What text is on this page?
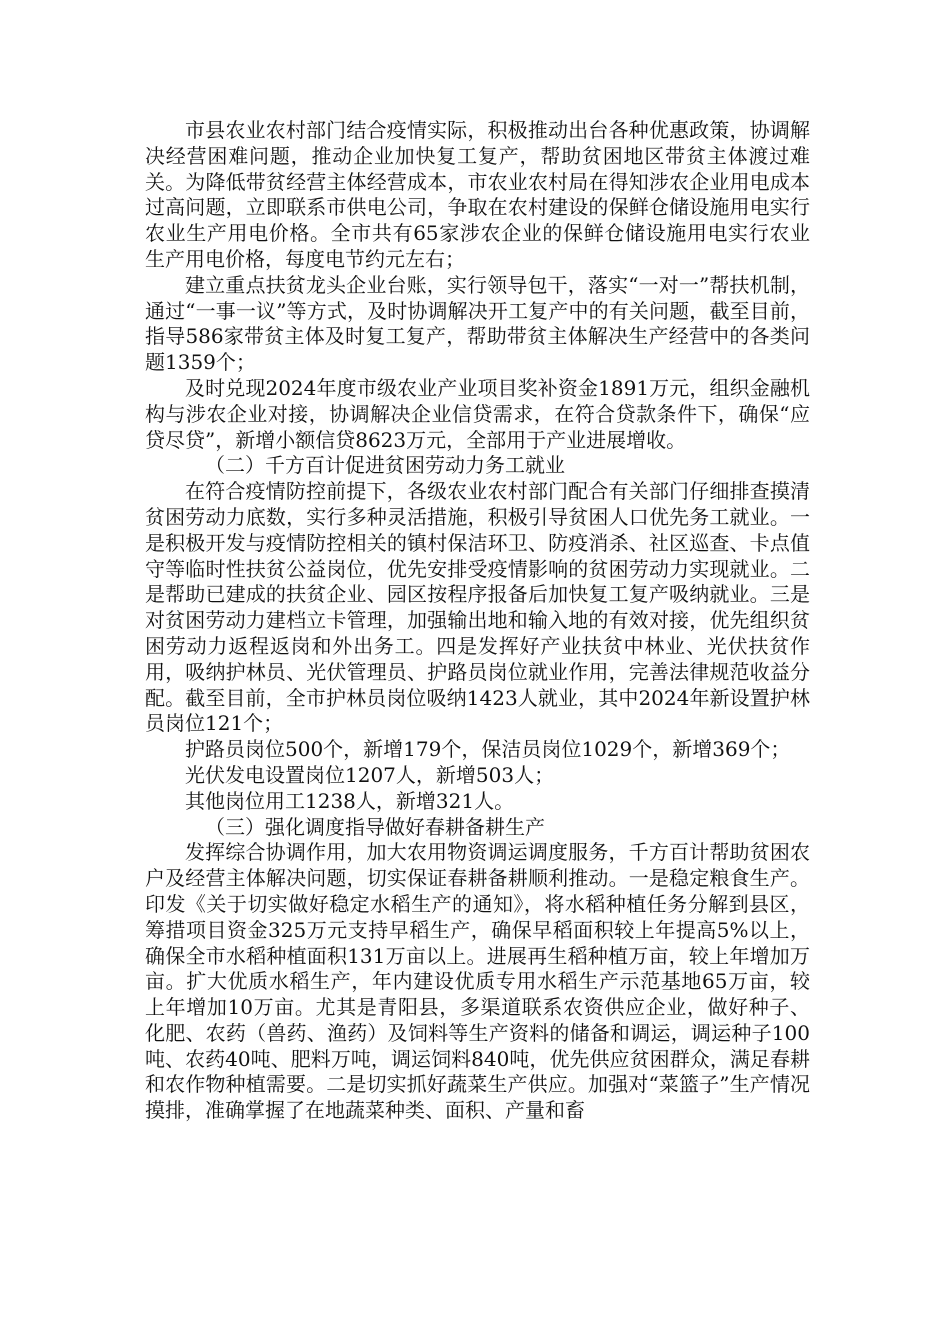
市县农业农村部门结合疫情实际，积极推动出台各种优惠政策，协调解决经营困难问题，推动企业加快复工复产，帮助贫困地区带贫主体渡过难关。为降低带贫经营主体经营成本，市农业农村局在得知涉农企业用电成本过高问题，立即联系市供电公司，争取在农村建设的保鲜仓储设施用电实行农业生产用电价格。全市共有65家涉农企业的保鲜仓储设施用电实行农业生产用电价格，每度电节约元左右；

建立重点扶贫龙头企业台账，实行领导包干，落实“一对一”帮扶机制，通过“一事一议”等方式，及时协调解决开工复产中的有关问题，截至目前，指导586家带贫主体及时复工复产，帮助带贫主体解决生产经营中的各类问题1359个；

及时兑现2024年度市级农业产业项目奖补资金1891万元，组织金融机构与涉农企业对接，协调解决企业信贷需求，在符合贷款条件下，确保“应贷尽贷”，新增小额信贷8623万元，全部用于产业进展增收。

（二）千方百计促进贫困劳动力务工就业

在符合疫情防控前提下，各级农业农村部门配合有关部门仔细排查摸清贫困劳动力底数，实行多种灵活措施，积极引导贫困人口优先务工就业。一是积极开发与疫情防控相关的镇村保洁环卫、防疫消杀、社区巡查、卡点值守等临时性扶贫公益岗位，优先安排受疫情影响的贫困劳动力实现就业。二是帮助已建成的扶贫企业、园区按程序报备后加快复工复产吸纳就业。三是对贫困劳动力建档立卡管理，加强输出地和输入地的有效对接，优先组织贫困劳动力返程返岗和外出务工。四是发挥好产业扶贫中林业、光伏扶贫作用，吸纳护林员、光伏管理员、护路员岗位就业作用，完善法律规范收益分配。截至目前，全市护林员岗位吸纳1423人就业，其中2024年新设置护林员岗位121个；

护路员岗位500个，新增179个，保洁员岗位1029个，新增369个；

光伏发电设置岗位1207人，新增503人；

其他岗位用工1238人，新增321人。

（三）强化调度指导做好春耕备耕生产

发挥综合协调作用，加大农用物资调运调度服务，千方百计帮助贫困农户及经营主体解决问题，切实保证春耕备耕顺利推动。一是稳定粮食生产。印发《关于切实做好稳定水稻生产的通知》，将水稻种植任务分解到县区，筹措项目资金325万元支持早稻生产，确保早稻面积较上年提高5%以上，确保全市水稻种植面积131万亩以上。进展再生稻种植万亩，较上年增加万亩。扩大优质水稻生产，年内建设优质专用水稻生产示范基地65万亩，较上年增加10万亩。尤其是青阳县，多渠道联系农资供应企业，做好种子、化肥、农药（兽药、渔药）及饲料等生产资料的储备和调运，调运种子100吨、农药40吨、肥料万吨，调运饲料840吨，优先供应贫困群众，满足春耕和农作物种植需要。二是切实抓好蔬菜生产供应。加强对“菜篮子”生产情况摸排，准确掌握了在地蔬菜种类、面积、产量和畜
